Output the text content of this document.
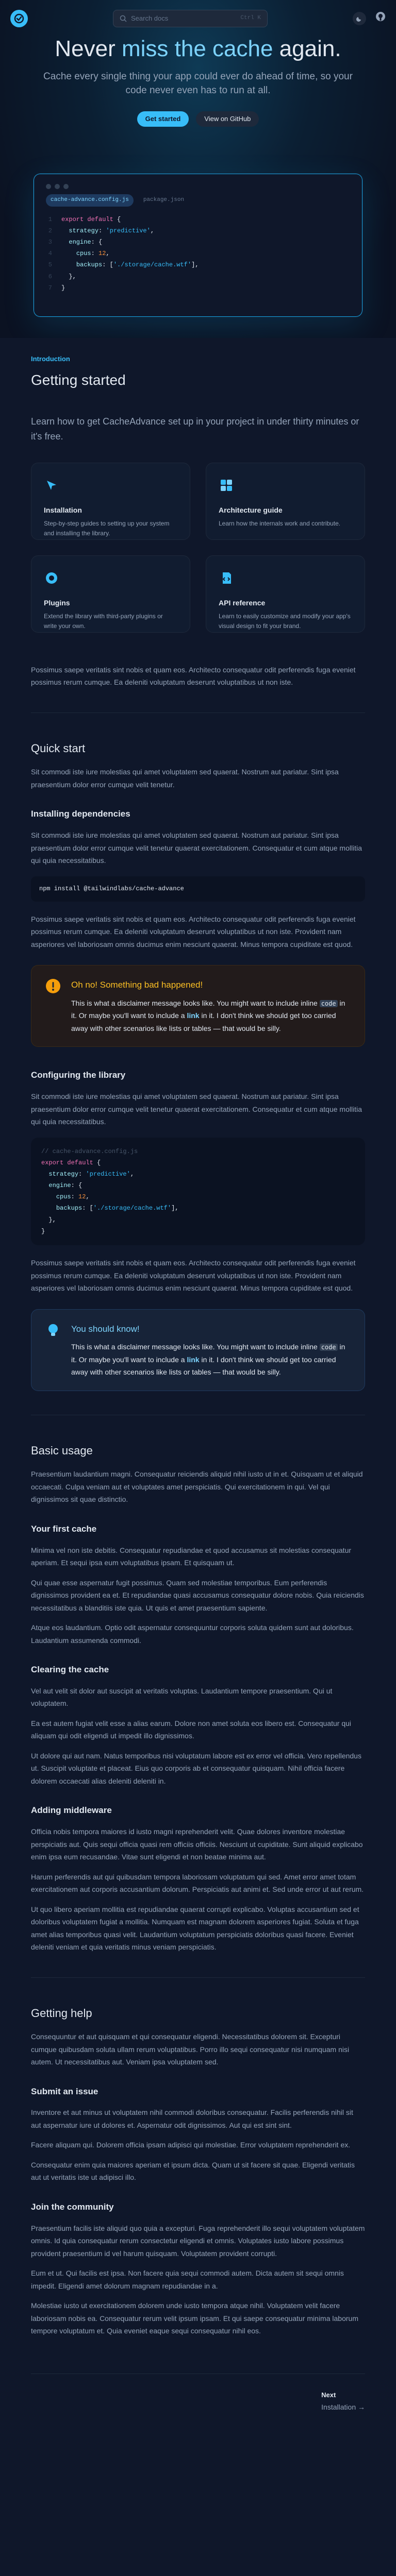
Search docs	Ctrl K
Never miss the cache again.
Cache every single thing your app could ever do ahead of time, so your code never even has to run at all.
Get started	View on GitHub
cache-advance.config.js	package.json
1
2
3
4
5
6
7
export default {
strategy: 'predictive',
engine: {
cpus: 12,
backups: ['./storage/cache.wtf'],
},
}
Introduction
Getting started
Learn how to get CacheAdvance set up in your project in under thirty minutes or it's free.
Installation

Step-by-step guides to setting up your system and installing the library.

Architecture guide

Learn how the internals work and contribute.

Plugins

Extend the library with third-party plugins or write your own.

API reference

Learn to easily customize and modify your app's visual design to fit your brand.

Possimus saepe veritatis sint nobis et quam eos. Architecto consequatur odit perferendis fuga eveniet possimus rerum cumque. Ea deleniti voluptatum deserunt voluptatibus ut non iste.

Quick start

Sit commodi iste iure molestias qui amet voluptatem sed quaerat. Nostrum aut pariatur. Sint ipsa praesentium dolor error cumque velit tenetur.

Installing dependencies

Sit commodi iste iure molestias qui amet voluptatem sed quaerat. Nostrum aut pariatur. Sint ipsa praesentium dolor error cumque velit tenetur quaerat exercitationem. Consequatur et cum atque mollitia qui quia necessitatibus.

npm install @tailwindlabs/cache-advance

Possimus saepe veritatis sint nobis et quam eos. Architecto consequatur odit perferendis fuga eveniet possimus rerum cumque. Ea deleniti voluptatum deserunt voluptatibus ut non iste. Provident nam asperiores vel laboriosam omnis ducimus enim nesciunt quaerat. Minus tempora cupiditate est quod.

Oh no! Something bad happened!
This is what a disclaimer message looks like. You might want to include inline code in it. Or maybe you'll want to include a link in it. I don't think we should get too carried away with other scenarios like lists or tables — that would be silly.
Configuring the library

Sit commodi iste iure molestias qui amet voluptatem sed quaerat. Nostrum aut pariatur. Sint ipsa praesentium dolor error cumque velit tenetur quaerat exercitationem. Consequatur et cum atque mollitia qui quia necessitatibus.

// cache-advance.config.js
export default {
strategy: 'predictive',
engine: {
cpus: 12,
backups: ['./storage/cache.wtf'],
},
}

Possimus saepe veritatis sint nobis et quam eos. Architecto consequatur odit perferendis fuga eveniet possimus rerum cumque. Ea deleniti voluptatum deserunt voluptatibus ut non iste. Provident nam asperiores vel laboriosam omnis ducimus enim nesciunt quaerat. Minus tempora cupiditate est quod.

You should know!
This is what a disclaimer message looks like. You might want to include inline code in it. Or maybe you'll want to include a link in it. I don't think we should get too carried away with other scenarios like lists or tables — that would be silly.
Basic usage

Praesentium laudantium magni. Consequatur reiciendis aliquid nihil iusto ut in et. Quisquam ut et aliquid occaecati. Culpa veniam aut et voluptates amet perspiciatis. Qui exercitationem in qui. Vel qui dignissimos sit quae distinctio.

Your first cache

Minima vel non iste debitis. Consequatur repudiandae et quod accusamus sit molestias consequatur aperiam. Et sequi ipsa eum voluptatibus ipsam. Et quisquam ut.

Qui quae esse aspernatur fugit possimus. Quam sed molestiae temporibus. Eum perferendis dignissimos provident ea et. Et repudiandae quasi accusamus consequatur dolore nobis. Quia reiciendis necessitatibus a blanditiis iste quia. Ut quis et amet praesentium sapiente.

Atque eos laudantium. Optio odit aspernatur consequuntur corporis soluta quidem sunt aut doloribus. Laudantium assumenda commodi.

Clearing the cache

Vel aut velit sit dolor aut suscipit at veritatis voluptas. Laudantium tempore praesentium. Qui ut voluptatem.

Ea est autem fugiat velit esse a alias earum. Dolore non amet soluta eos libero est. Consequatur qui aliquam qui odit eligendi ut impedit illo dignissimos.

Ut dolore qui aut nam. Natus temporibus nisi voluptatum labore est ex error vel officia. Vero repellendus ut. Suscipit voluptate et placeat. Eius quo corporis ab et consequatur quisquam. Nihil officia facere dolorem occaecati alias deleniti deleniti in.

Adding middleware

Officia nobis tempora maiores id iusto magni reprehenderit velit. Quae dolores inventore molestiae perspiciatis aut. Quis sequi officia quasi rem officiis officiis. Nesciunt ut cupiditate. Sunt aliquid explicabo enim ipsa eum recusandae. Vitae sunt eligendi et non beatae minima aut.

Harum perferendis aut qui quibusdam tempora laboriosam voluptatum qui sed. Amet error amet totam exercitationem aut corporis accusantium dolorum. Perspiciatis aut animi et. Sed unde error ut aut rerum.

Ut quo libero aperiam mollitia est repudiandae quaerat corrupti explicabo. Voluptas accusantium sed et doloribus voluptatem fugiat a mollitia. Numquam est magnam dolorem asperiores fugiat. Soluta et fuga amet alias temporibus quasi velit. Laudantium voluptatum perspiciatis doloribus quasi facere. Eveniet deleniti veniam et quia veritatis minus veniam perspiciatis.

Getting help

Consequuntur et aut quisquam et qui consequatur eligendi. Necessitatibus dolorem sit. Excepturi cumque quibusdam soluta ullam rerum voluptatibus. Porro illo sequi consequatur nisi numquam nisi autem. Ut necessitatibus aut. Veniam ipsa voluptatem sed.

Submit an issue

Inventore et aut minus ut voluptatem nihil commodi doloribus consequatur. Facilis perferendis nihil sit aut aspernatur iure ut dolores et. Aspernatur odit dignissimos. Aut qui est sint sint.

Facere aliquam qui. Dolorem officia ipsam adipisci qui molestiae. Error voluptatem reprehenderit ex.

Consequatur enim quia maiores aperiam et ipsum dicta. Quam ut sit facere sit quae. Eligendi veritatis aut ut veritatis iste ut adipisci illo.

Join the community

Praesentium facilis iste aliquid quo quia a excepturi. Fuga reprehenderit illo sequi voluptatem voluptatem omnis. Id quia consequatur rerum consectetur eligendi et omnis. Voluptates iusto labore possimus provident praesentium id vel harum quisquam. Voluptatem provident corrupti.

Eum et ut. Qui facilis est ipsa. Non facere quia sequi commodi autem. Dicta autem sit sequi omnis impedit. Eligendi amet dolorum magnam repudiandae in a.

Molestiae iusto ut exercitationem dolorem unde iusto tempora atque nihil. Voluptatem velit facere laboriosam nobis ea. Consequatur rerum velit ipsum ipsam. Et qui saepe consequatur minima laborum tempore voluptatum et. Quia eveniet eaque sequi consequatur nihil eos.

Next
Installation →
